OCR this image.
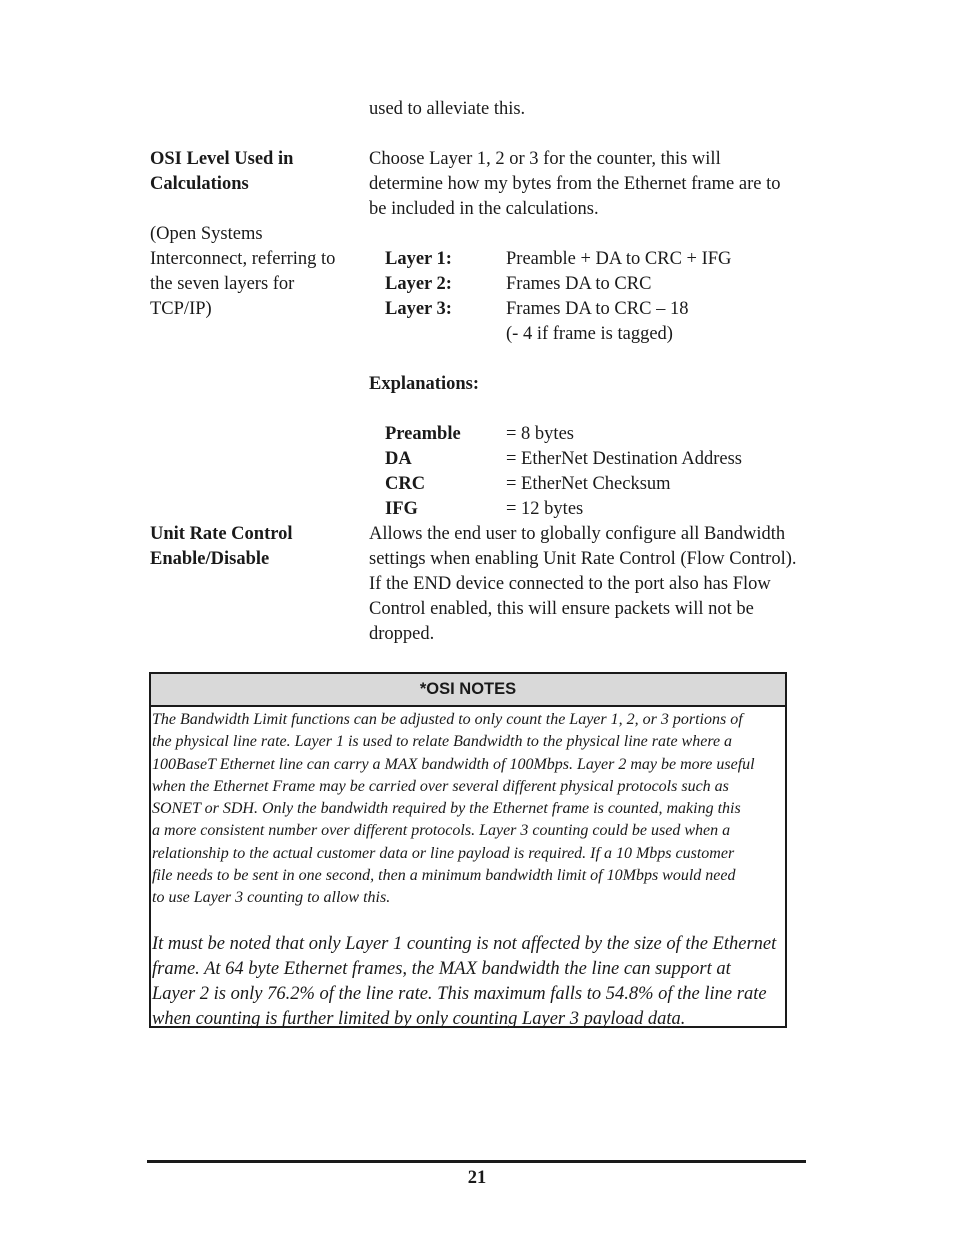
used to alleviate this.
OSI Level Used in
Calculations
(Open Systems
Interconnect, referring to
the seven layers for
TCP/IP)
Choose Layer 1, 2 or 3 for the counter, this will
determine how my bytes from the Ethernet frame are to
be included in the calculations.
Layer 1:	Preamble + DA to CRC + IFG
Layer 2:	Frames DA to CRC
Layer 3:	Frames DA to CRC – 18
(- 4 if frame is tagged)
Explanations:
Preamble = 8 bytes
DA	= EtherNet Destination Address
CRC	= EtherNet Checksum
IFG	= 12 bytes
Unit Rate Control
Enable/Disable
Allows the end user to globally configure all Bandwidth
settings when enabling Unit Rate Control (Flow Control).
If the END device connected to the port also has Flow
Control enabled, this will ensure packets will not be
dropped.
*OSI NOTES
The Bandwidth Limit functions can be adjusted to only count the Layer 1, 2, or 3 portions of
the physical line rate. Layer 1 is used to relate Bandwidth to the physical line rate where a
100BaseT Ethernet line can carry a MAX bandwidth of 100Mbps. Layer 2 may be more useful
when the Ethernet Frame may be carried over several different physical protocols such as
SONET or SDH. Only the bandwidth required by the Ethernet frame is counted, making this
a more consistent number over different protocols. Layer 3 counting could be used when a
relationship to the actual customer data or line payload is required. If a 10 Mbps customer
file needs to be sent in one second, then a minimum bandwidth limit of 10Mbps would need
to use Layer 3 counting to allow this.
It must be noted that only Layer 1 counting is not affected by the size of the Ethernet
frame. At 64 byte Ethernet frames, the MAX bandwidth the line can support at
Layer 2 is only 76.2% of the line rate. This maximum falls to 54.8% of the line rate
when counting is further limited by only counting Layer 3 payload data.
21
